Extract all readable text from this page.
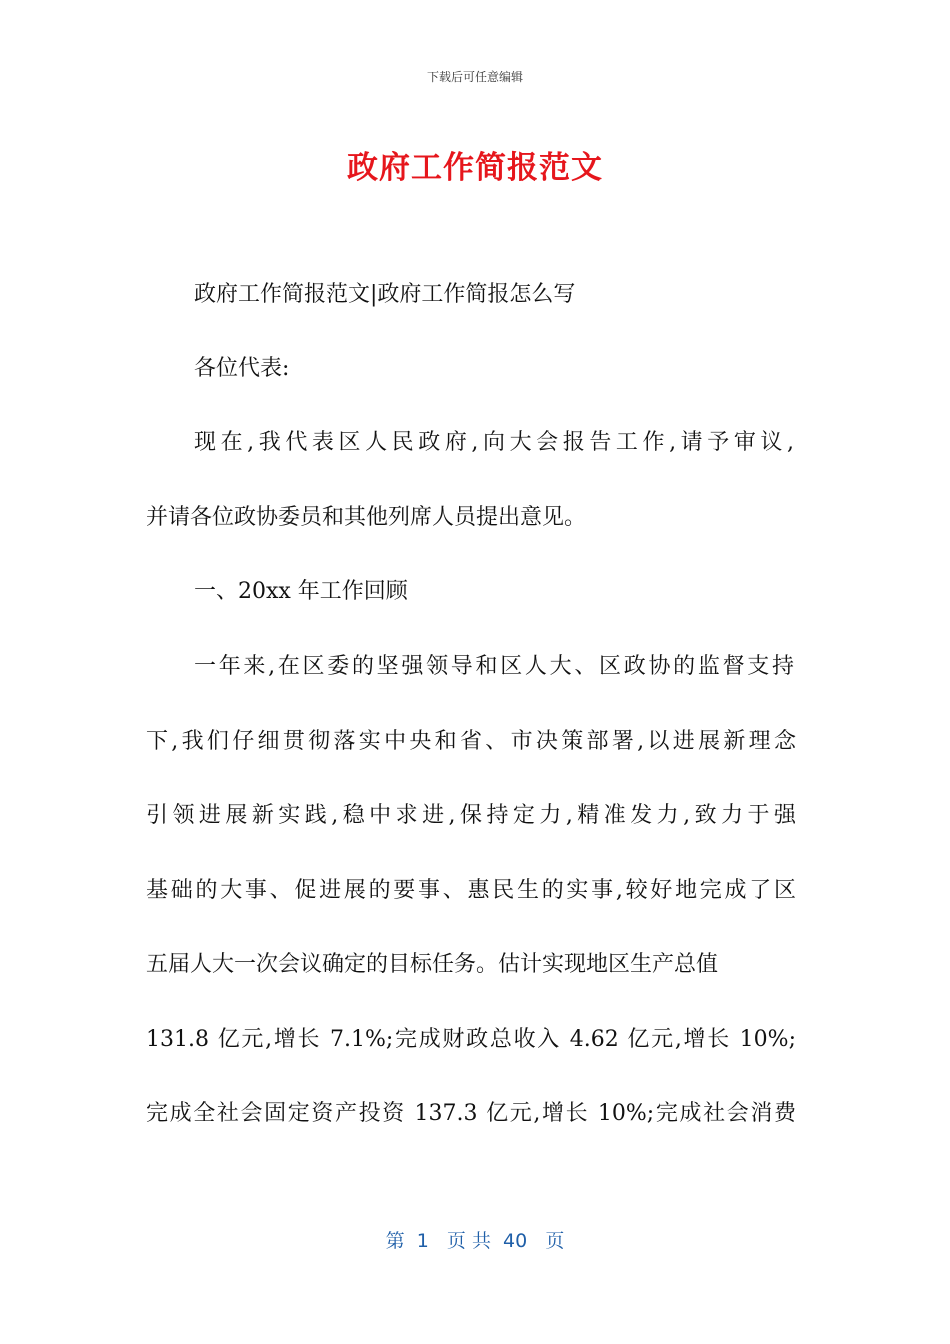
下载后可任意编辑
政府工作简报范文
政府工作简报范文|政府工作简报怎么写
各位代表:
现在,我代表区人民政府,向大会报告工作,请予审议,
并请各位政协委员和其他列席人员提出意见。
一、20xx 年工作回顾
一年来,在区委的坚强领导和区人大、区政协的监督支持
下,我们仔细贯彻落实中央和省、市决策部署,以进展新理念
引领进展新实践,稳中求进,保持定力,精准发力,致力于强
基础的大事、促进展的要事、惠民生的实事,较好地完成了区
五届人大一次会议确定的目标任务。估计实现地区生产总值
131.8 亿元,增长 7.1%;完成财政总收入 4.62 亿元,增长 10%;
完成全社会固定资产投资 137.3 亿元,增长 10%;完成社会消费
第  1   页 共  40   页
